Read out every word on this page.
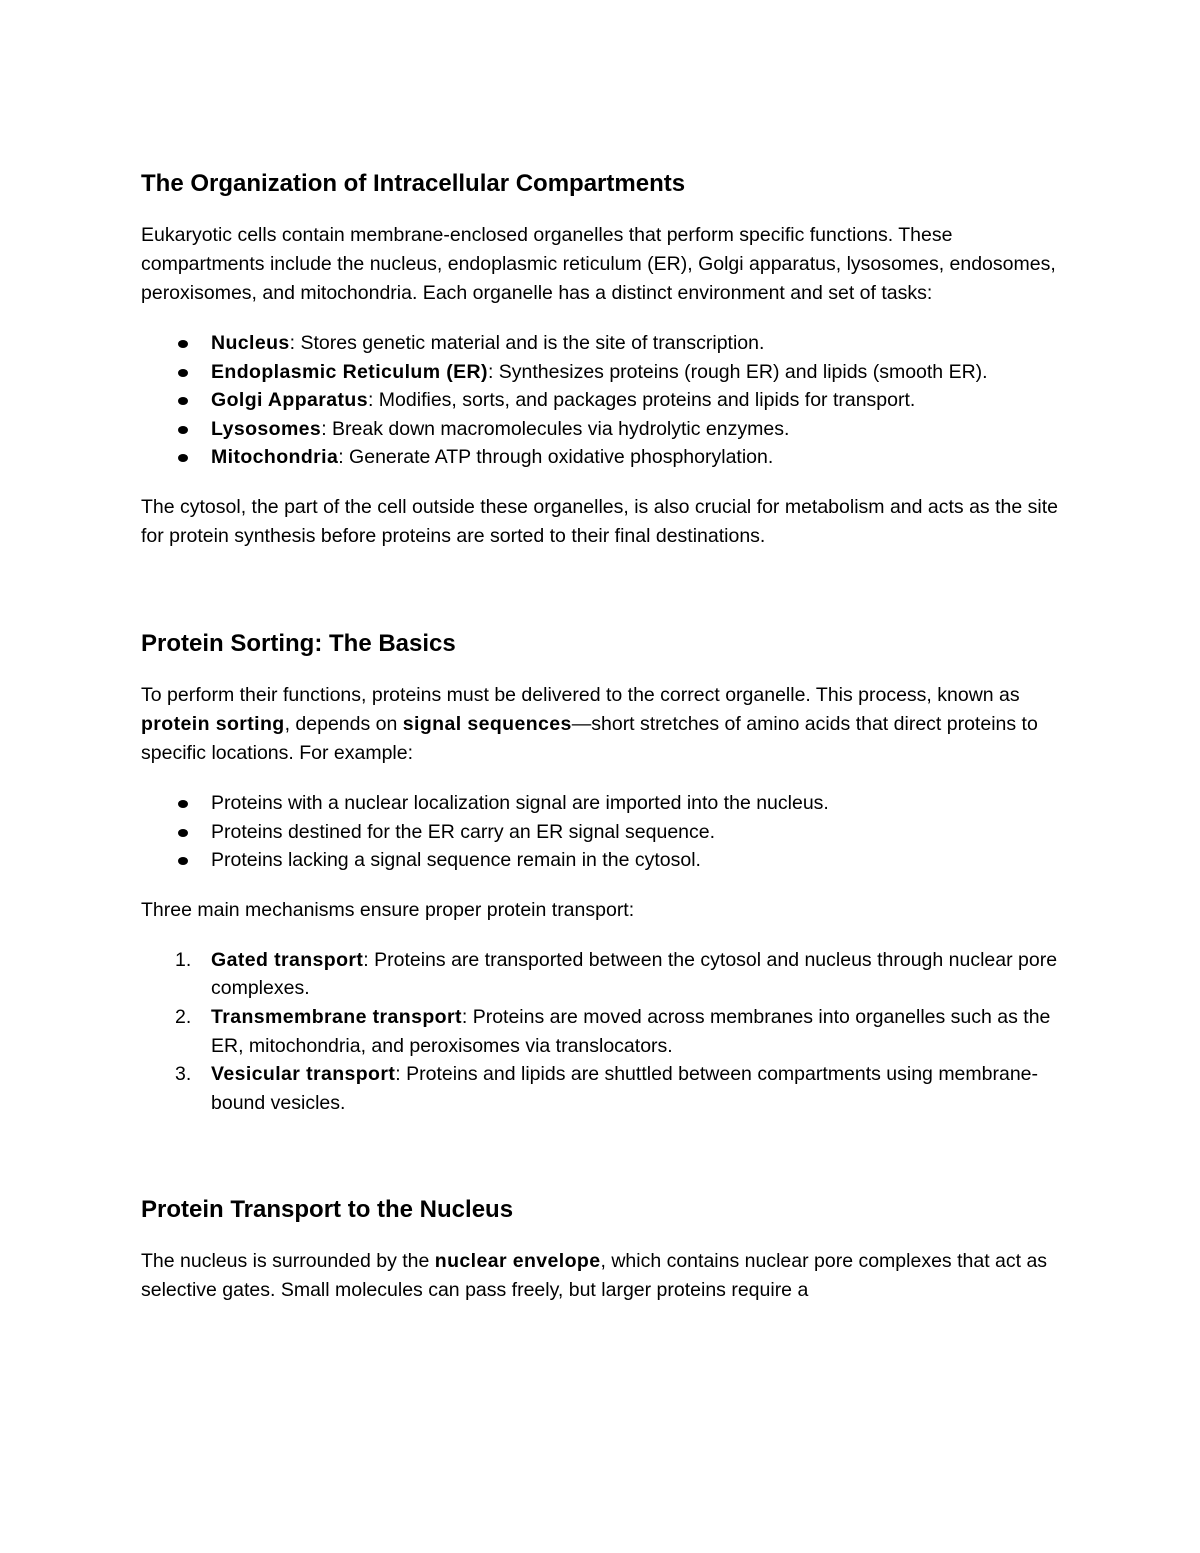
The Organization of Intracellular Compartments

Eukaryotic cells contain membrane-enclosed organelles that perform specific functions. These compartments include the nucleus, endoplasmic reticulum (ER), Golgi apparatus, lysosomes, endosomes, peroxisomes, and mitochondria. Each organelle has a distinct environment and set of tasks:

Nucleus: Stores genetic material and is the site of transcription.
Endoplasmic Reticulum (ER): Synthesizes proteins (rough ER) and lipids (smooth ER).
Golgi Apparatus: Modifies, sorts, and packages proteins and lipids for transport.
Lysosomes: Break down macromolecules via hydrolytic enzymes.
Mitochondria: Generate ATP through oxidative phosphorylation.

The cytosol, the part of the cell outside these organelles, is also crucial for metabolism and acts as the site for protein synthesis before proteins are sorted to their final destinations.

Protein Sorting: The Basics

To perform their functions, proteins must be delivered to the correct organelle. This process, known as protein sorting, depends on signal sequences—short stretches of amino acids that direct proteins to specific locations. For example:

Proteins with a nuclear localization signal are imported into the nucleus.
Proteins destined for the ER carry an ER signal sequence.
Proteins lacking a signal sequence remain in the cytosol.

Three main mechanisms ensure proper protein transport:

1. Gated transport: Proteins are transported between the cytosol and nucleus through nuclear pore complexes.
2. Transmembrane transport: Proteins are moved across membranes into organelles such as the ER, mitochondria, and peroxisomes via translocators.
3. Vesicular transport: Proteins and lipids are shuttled between compartments using membrane-bound vesicles.
Protein Transport to the Nucleus

The nucleus is surrounded by the nuclear envelope, which contains nuclear pore complexes that act as selective gates. Small molecules can pass freely, but larger proteins require a
